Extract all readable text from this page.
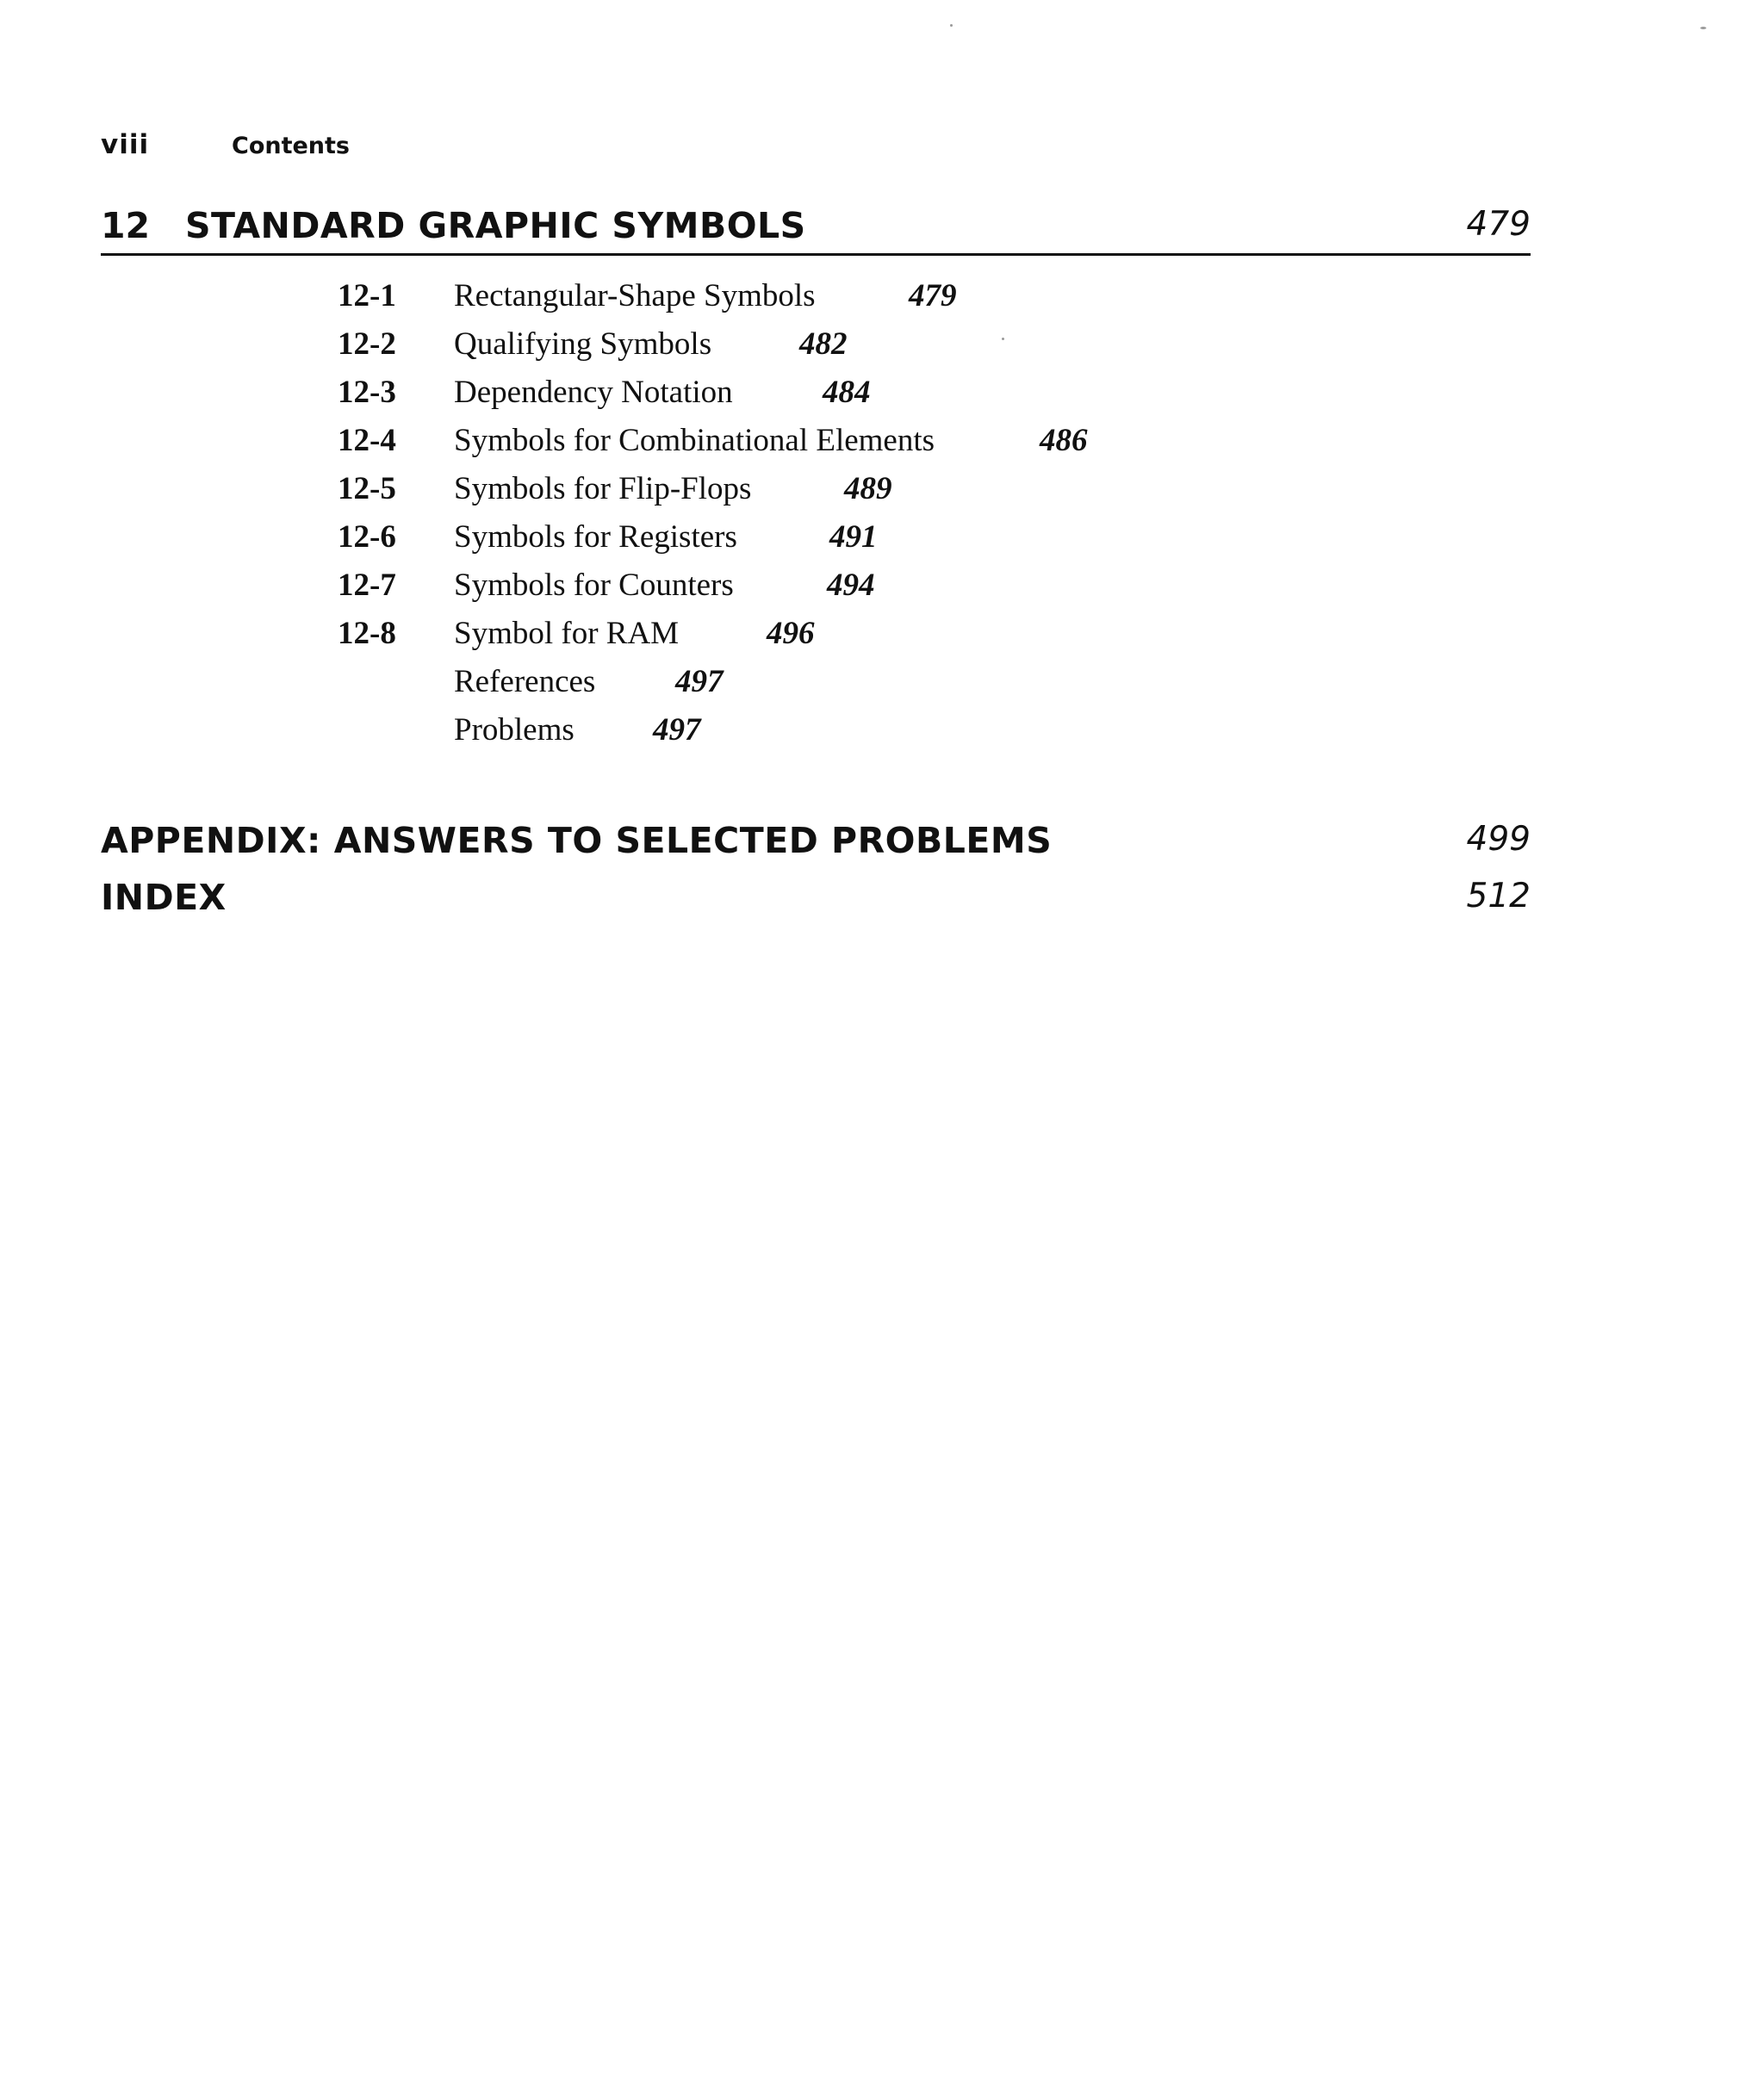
viii	Contents
12 STANDARD GRAPHIC SYMBOLS	479
12-1 Rectangular-Shape Symbols	479
12-2 Qualifying Symbols	482
12-3 Dependency Notation	484
12-4 Symbols for Combinational Elements	486
12-5 Symbols for Flip-Flops	489
12-6 Symbols for Registers	491
12-7 Symbols for Counters	494
12-8 Symbol for RAM	496
References	497
Problems 497
APPENDIX: ANSWERS TO SELECTED PROBLEMS	499
INDEX	512
